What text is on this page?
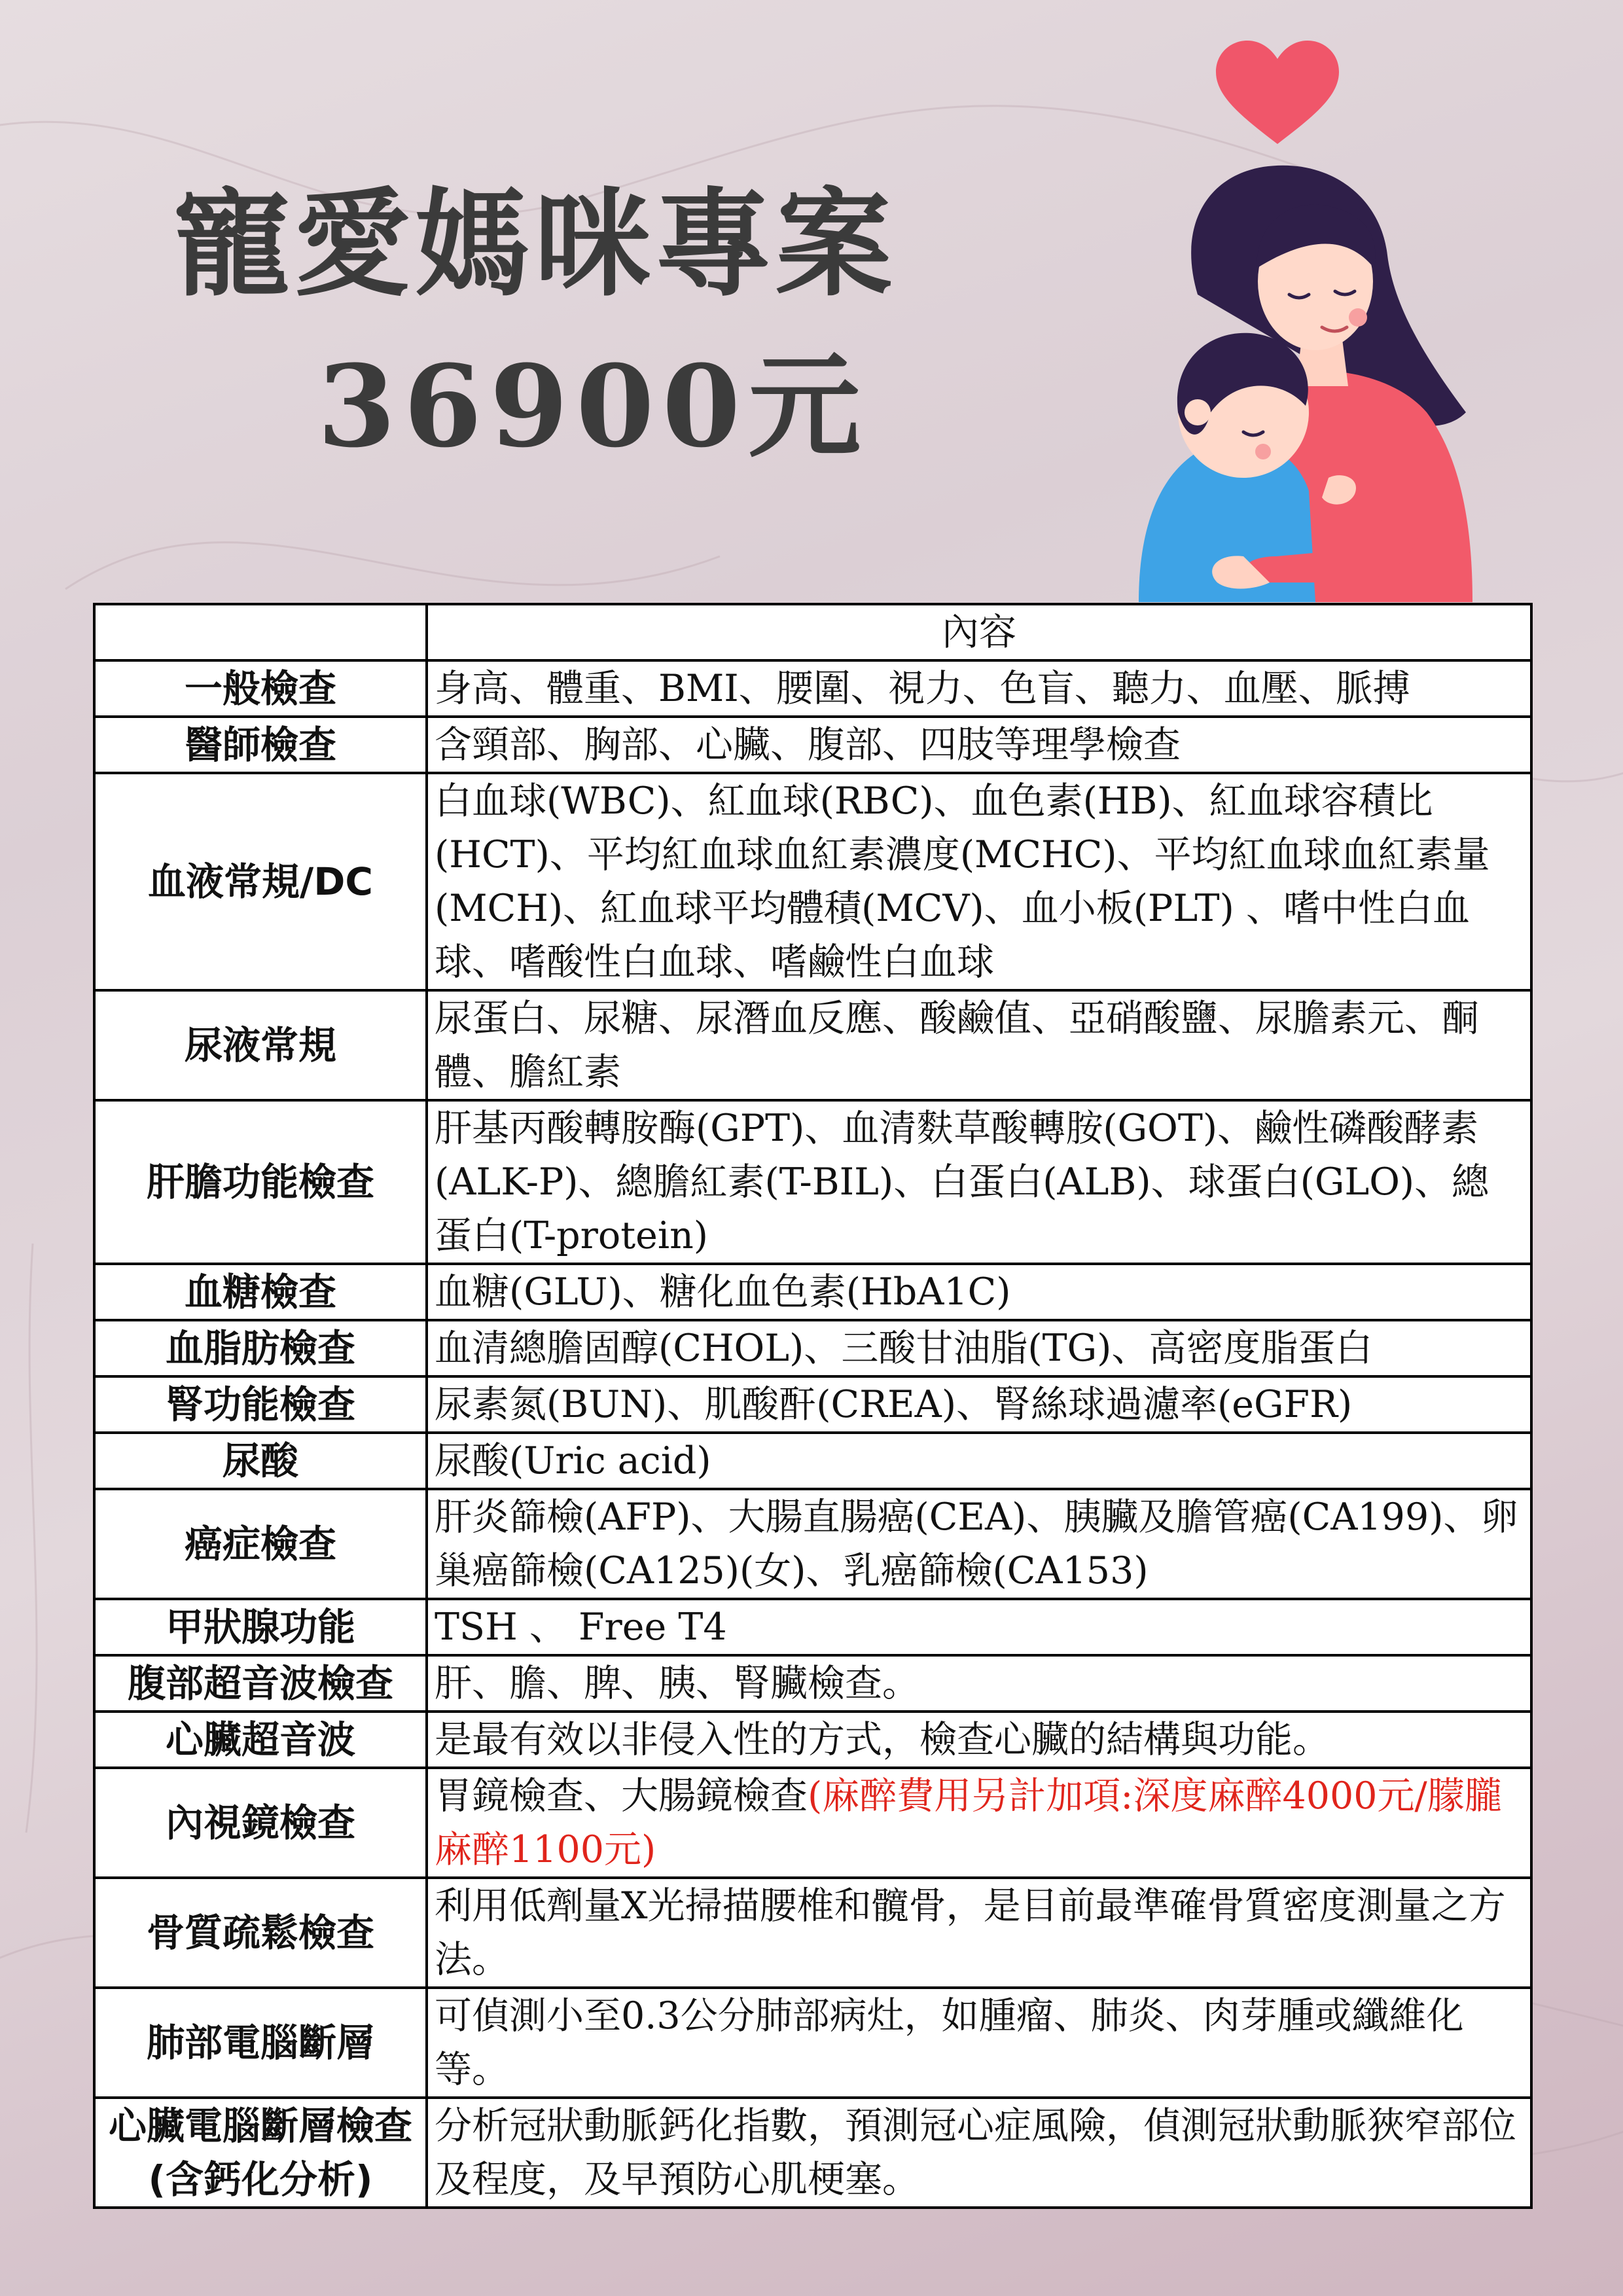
寵愛媽咪專案
36900元
	內容
一般檢查	身高、體重、BMI、腰圍、視力、色盲、聽力、血壓、脈搏
醫師檢查	含頸部、胸部、心臟、腹部、四肢等理學檢查
血液常規/DC	白血球(WBC)、紅血球(RBC)、血色素(HB)、紅血球容積比(HCT)、平均紅血球血紅素濃度(MCHC)、平均紅血球血紅素量(MCH)、紅血球平均體積(MCV)、血小板(PLT) 、嗜中性白血球、嗜酸性白血球、嗜鹼性白血球
尿液常規	尿蛋白、尿糖、尿潛血反應、酸鹼值、亞硝酸鹽、尿膽素元、酮體、膽紅素
肝膽功能檢查	肝基丙酸轉胺酶(GPT)、血清麩草酸轉胺(GOT)、鹼性磷酸酵素(ALK-P)、總膽紅素(T-BIL)、白蛋白(ALB)、球蛋白(GLO)、總蛋白(T-protein)
血糖檢查	血糖(GLU)、糖化血色素(HbA1C)
血脂肪檢查	血清總膽固醇(CHOL)、三酸甘油脂(TG)、高密度脂蛋白
腎功能檢查	尿素氮(BUN)、肌酸酐(CREA)、腎絲球過濾率(eGFR)
尿酸	尿酸(Uric acid)
癌症檢查	肝炎篩檢(AFP)、大腸直腸癌(CEA)、胰臟及膽管癌(CA199)、卵巢癌篩檢(CA125)(女)、乳癌篩檢(CA153)
甲狀腺功能	TSH 、 Free T4
腹部超音波檢查	肝、膽、脾、胰、腎臟檢查。
心臟超音波	是最有效以非侵入性的方式，檢查心臟的結構與功能。
內視鏡檢查	胃鏡檢查、大腸鏡檢查(麻醉費用另計加項:深度麻醉4000元/朦朧麻醉1100元)
骨質疏鬆檢查	利用低劑量X光掃描腰椎和髖骨，是目前最準確骨質密度測量之方法。
肺部電腦斷層	可偵測小至0.3公分肺部病灶，如腫瘤、肺炎、肉芽腫或纖維化等。
心臟電腦斷層檢查(含鈣化分析)	分析冠狀動脈鈣化指數，預測冠心症風險，偵測冠狀動脈狹窄部位及程度，及早預防心肌梗塞。
